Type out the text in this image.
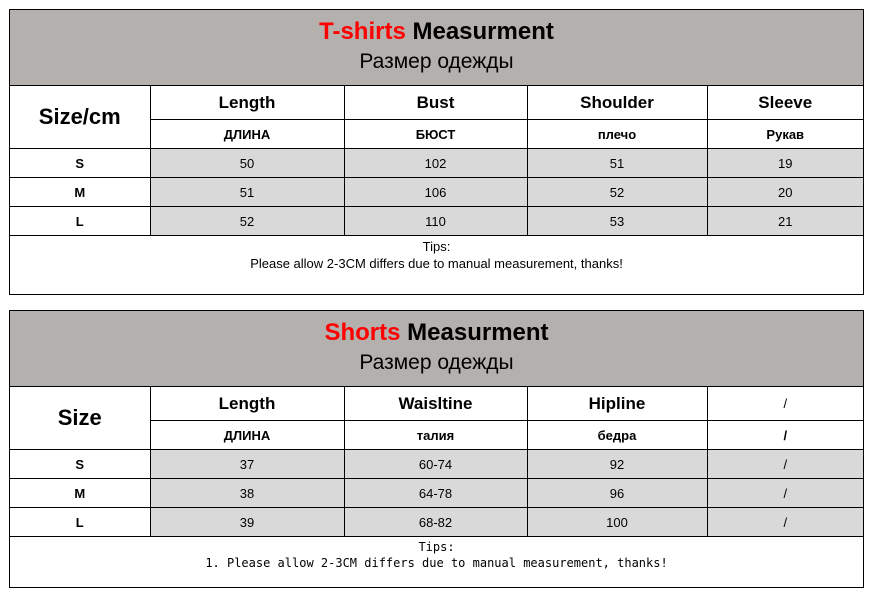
T-shirts Measurment
Размер одежды
Size/cm	Length	Bust	Shoulder	Sleeve
	ДЛИНА	БЮСТ	плечо	Рукав
S	50	102	51	19
M	51	106	52	20
L	52	110	53	21
Tips:
Please allow 2-3CM differs due to manual measurement, thanks!
Shorts Measurment
Размер одежды
Size	Length	Waisltine	Hipline	/
	ДЛИНА	талия	бедра	/
S	37	60-74	92	/
M	38	64-78	96	/
L	39	68-82	100	/
Tips:
1. Please allow 2-3CM differs due to manual measurement, thanks!
